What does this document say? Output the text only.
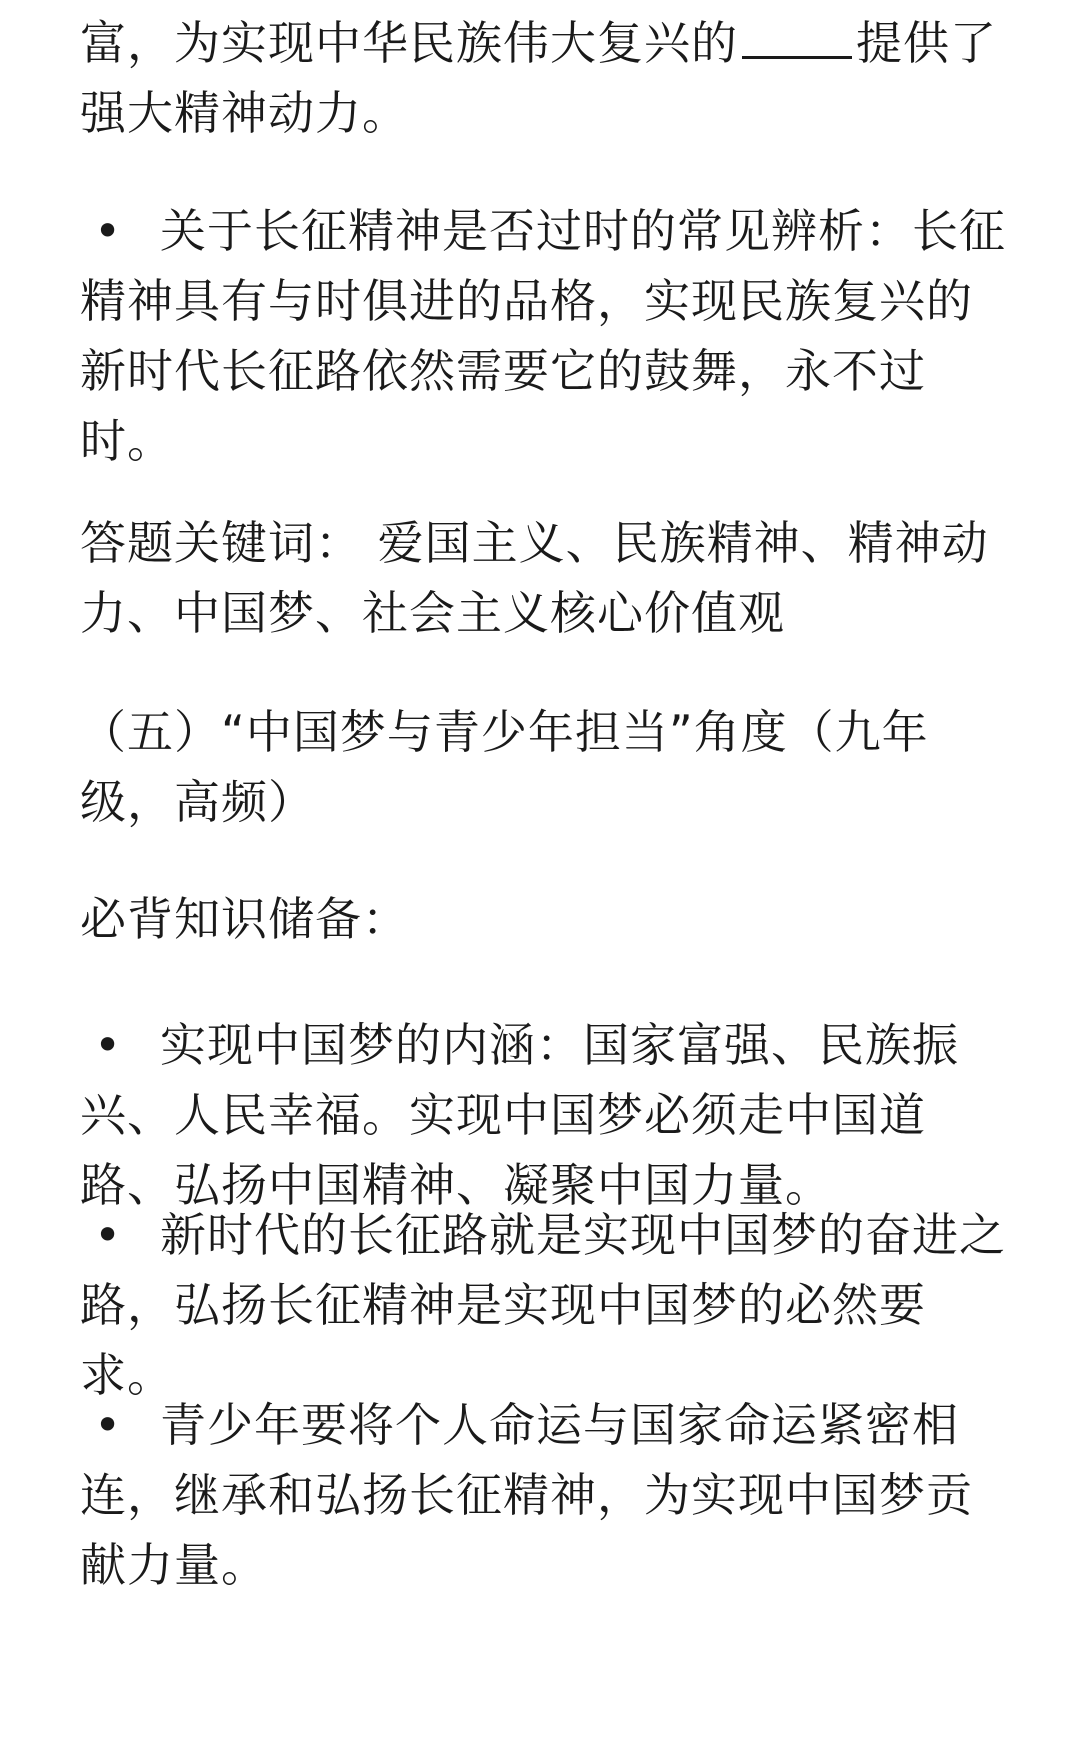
富，为实现中华民族伟大复兴的	提供了强大精神动力。
• 关于长征精神是否过时的常见辨析：长征精神具有与时俱进的品格，实现民族复兴的新时代长征路依然需要它的鼓舞，永不过时。
答题关键词： 爱国主义、民族精神、精神动力、中国梦、社会主义核心价值观
（五）“中国梦与青少年担当”角度（九年级，高频）
必背知识储备：
• 实现中国梦的内涵：国家富强、民族振兴、人民幸福。实现中国梦必须走中国道路、弘扬中国精神、凝聚中国力量。
• 新时代的长征路就是实现中国梦的奋进之路，弘扬长征精神是实现中国梦的必然要求。
• 青少年要将个人命运与国家命运紧密相连，继承和弘扬长征精神，为实现中国梦贡献力量。
